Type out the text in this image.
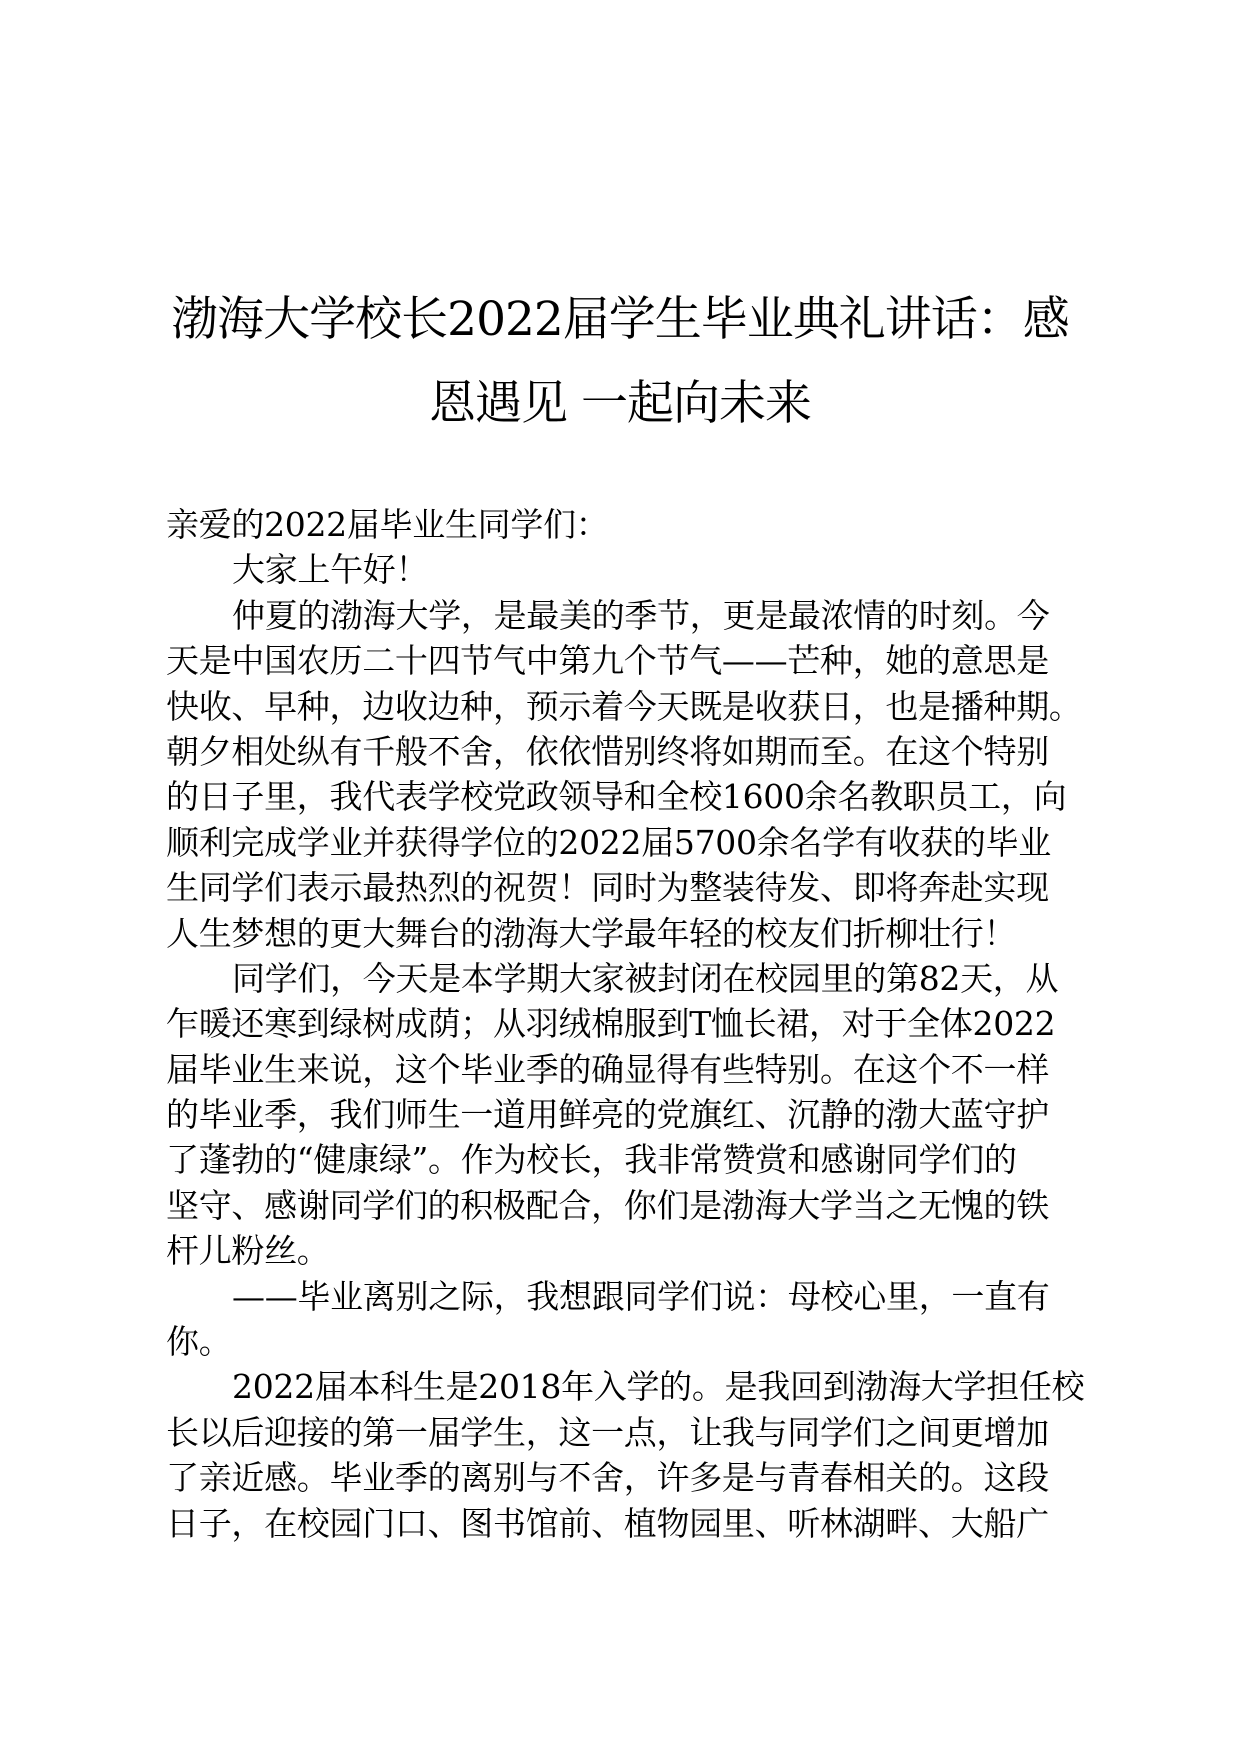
渤海大学校长2022届学生毕业典礼讲话：感
恩遇见 一起向未来
亲爱的2022届毕业生同学们：
大家上午好！
仲夏的渤海大学，是最美的季节，更是最浓情的时刻。今
天是中国农历二十四节气中第九个节气——芒种，她的意思是
快收、早种，边收边种，预示着今天既是收获日，也是播种期。
朝夕相处纵有千般不舍，依依惜别终将如期而至。在这个特别
的日子里，我代表学校党政领导和全校1600余名教职员工，向
顺利完成学业并获得学位的2022届5700余名学有收获的毕业
生同学们表示最热烈的祝贺！同时为整装待发、即将奔赴实现
人生梦想的更大舞台的渤海大学最年轻的校友们折柳壮行！
同学们，今天是本学期大家被封闭在校园里的第82天，从
乍暖还寒到绿树成荫；从羽绒棉服到T恤长裙，对于全体2022
届毕业生来说，这个毕业季的确显得有些特别。在这个不一样
的毕业季，我们师生一道用鲜亮的党旗红、沉静的渤大蓝守护
了蓬勃的“健康绿”。作为校长，我非常赞赏和感谢同学们的
坚守、感谢同学们的积极配合，你们是渤海大学当之无愧的铁
杆儿粉丝。
——毕业离别之际，我想跟同学们说：母校心里，一直有
你。
2022届本科生是2018年入学的。是我回到渤海大学担任校
长以后迎接的第一届学生，这一点，让我与同学们之间更增加
了亲近感。毕业季的离别与不舍，许多是与青春相关的。这段
日子，在校园门口、图书馆前、植物园里、听林湖畔、大船广
